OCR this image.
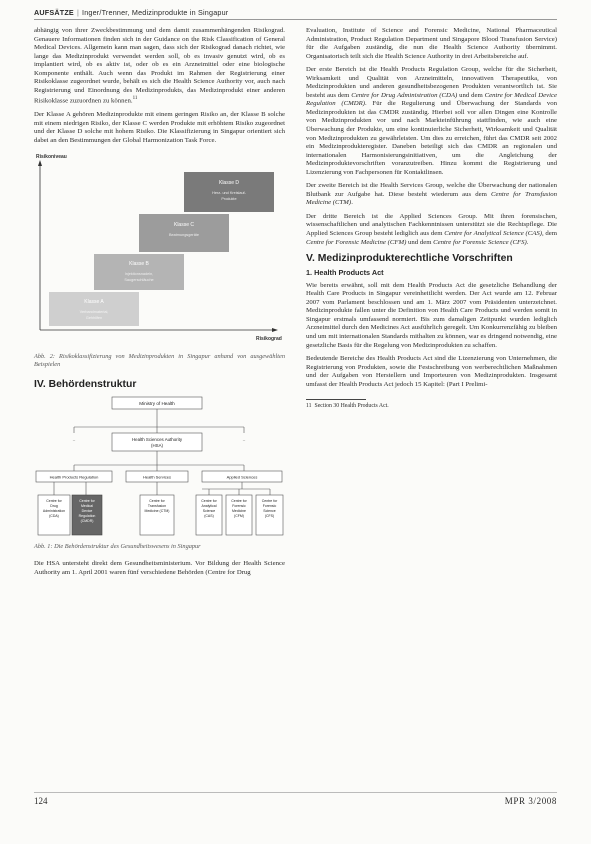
AUFSÄTZE | Inger/Trenner, Medizinprodukte in Singapur

abhängig von ihrer Zweckbestimmung und dem damit zusammenhängenden Risikograd. Genauere Informationen finden sich in der Guidance on the Risk Classification of General Medical Devices. Allgemein kann man sagen, dass sich der Risikograd danach richtet, wie lange das Medizinprodukt verwendet werden soll, ob es invasiv genutzt wird, ob es implantiert wird, ob es aktiv ist, oder ob es ein Arzneimittel oder eine biologische Komponente enthält. Auch wenn das Produkt im Rahmen der Registrierung einer Risikoklasse zugeordnet wurde, behält es sich die Health Science Authority vor, auch nach Registrierung und Einordnung des Medizinprodukts, das Medizinprodukt einer anderen Risikoklasse zuzuordnen zu können.$^{11}$

Der Klasse A gehören Medizinprodukte mit einem geringen Risiko an, der Klasse B solche mit einem niedrigen Risiko, der Klasse C werden Produkte mit erhöhtem Risiko zugeordnet und der Klasse D solche mit hohem Risiko. Die Klassifizierung in Singapur orientiert sich dabei an den Bestimmungen der Global Harmonization Task Force.

Risikoniveau
Risikograd
Klasse D
Herz- und Kreislauf-
Produkte
Klasse C
Beatmungsgeräte
Klasse B
Injektionsnadeln,
Saugerschläuche
Klasse A
Verbandmaterial,
Gehhilfen
Abb. 2: Risikoklassifizierung von Medizinprodukten in Singapur anhand von ausgewählten Beispielen
IV. Behördenstruktur
Ministry of Health
Health Sciences Authority
(HSA)
–	–
Health Products Regulation	Health Services	Applied Sciences
Centre for
Drug
Administration
(CDA)
Centre for
Medical
Device
Regulation
(CMDR)
Centre for
Transfusion
Medicine (CTM)
Centre for
Analytical
Science
(CAS)
Centre for
Forensic
Medicine
(CFM)
Centre for
Forensic
Science
(CFS)
Abb. 1: Die Behördenstruktur des Gesundheitswesens in Singapur

Die HSA untersteht direkt dem Gesundheitsministerium. Vor Bildung der Health Science Authority am 1. April 2001 waren fünf verschiedene Behörden (Centre for Drug

Evaluation, Institute of Science and Forensic Medicine, National Pharmaceutical Administration, Product Regulation Department und Singapore Blood Transfusion Service) für die Aufgaben zuständig, die nun die Health Science Authority übernimmt. Organisatorisch teilt sich die Health Science Authority in drei Arbeitsbereiche auf.

Der erste Bereich ist die Health Products Regulation Group, welche für die Sicherheit, Wirksamkeit und Qualität von Arzneimitteln, innovativen Therapeutika, von Medizinprodukten und anderen gesundheitsbezogenen Produkten verantwortlich ist. Sie besteht aus dem Centre for Drug Administration (CDA) und dem Centre for Medical Device Regulation (CMDR). Für die Regulierung und Überwachung der Standards von Medizinprodukten ist das CMDR zuständig. Hierbei soll vor allen Dingen eine Kontrolle von Medizinprodukten vor und nach Markteinführung stattfinden, wie auch eine Überwachung der Produkte, um eine kontinuierliche Sicherheit, Wirksamkeit und Qualität von Medizinprodukten zu gewährleisten. Um dies zu erreichen, führt das CMDR seit 2002 ein Medizinprodukteregister. Daneben beteiligt sich das CMDR an regionalen und internationalen Harmonisierungsinitiativen, um die Angleichung der Medizinproduktevorschriften voranzutreiben. Hinzu kommt die Registrierung und Lizenzierung von Fachpersonen für Kontaktlinsen.

Der zweite Bereich ist die Health Services Group, welche die Überwachung der nationalen Blutbank zur Aufgabe hat. Diese besteht wiederum aus dem Centre for Transfusion Medicine (CTM).

Der dritte Bereich ist die Applied Sciences Group. Mit ihren forensischen, wissenschaftlichen und analytischen Fachkenntnissen unterstützt sie die Rechtspflege. Die Applied Sciences Group besteht lediglich aus dem Centre for Analytical Science (CAS), dem Centre for Forensic Medicine (CFM) und dem Centre for Forensic Science (CFS).

V. Medizinprodukterechtliche Vorschriften
1. Health Products Act

Wie bereits erwähnt, soll mit dem Health Products Act die gesetzliche Behandlung der Health Care Products in Singapur vereinheitlicht werden. Der Act wurde am 12. Februar 2007 vom Parlament beschlossen und am 1. März 2007 vom Präsidenten unterzeichnet. Medizinprodukte fallen unter die Definition von Health Care Products und werden somit in Singapur erstmals umfassend normiert. Bis zum damaligen Zeitpunkt wurden lediglich Arzneimittel durch den Medicines Act ausführlich geregelt. Um Konkurrenzfähig zu bleiben und um mit internationalen Standards mithalten zu können, war es dringend notwendig, eine gesetzliche Basis für die Regelung von Medizinprodukten zu schaffen.

Bedeutende Bereiche des Health Products Act sind die Lizenzierung von Unternehmen, die Registrierung von Produkten, sowie die Festschreibung von werberechtlichen Maßnahmen und der Aufgaben von Herstellern und Importeuren von Medizinprodukten. Insgesamt umfasst der Health Products Act jedoch 15 Kapitel: (Part I Prelimi-

11 Section 30 Health Products Act.
124	MPR 3/2008
